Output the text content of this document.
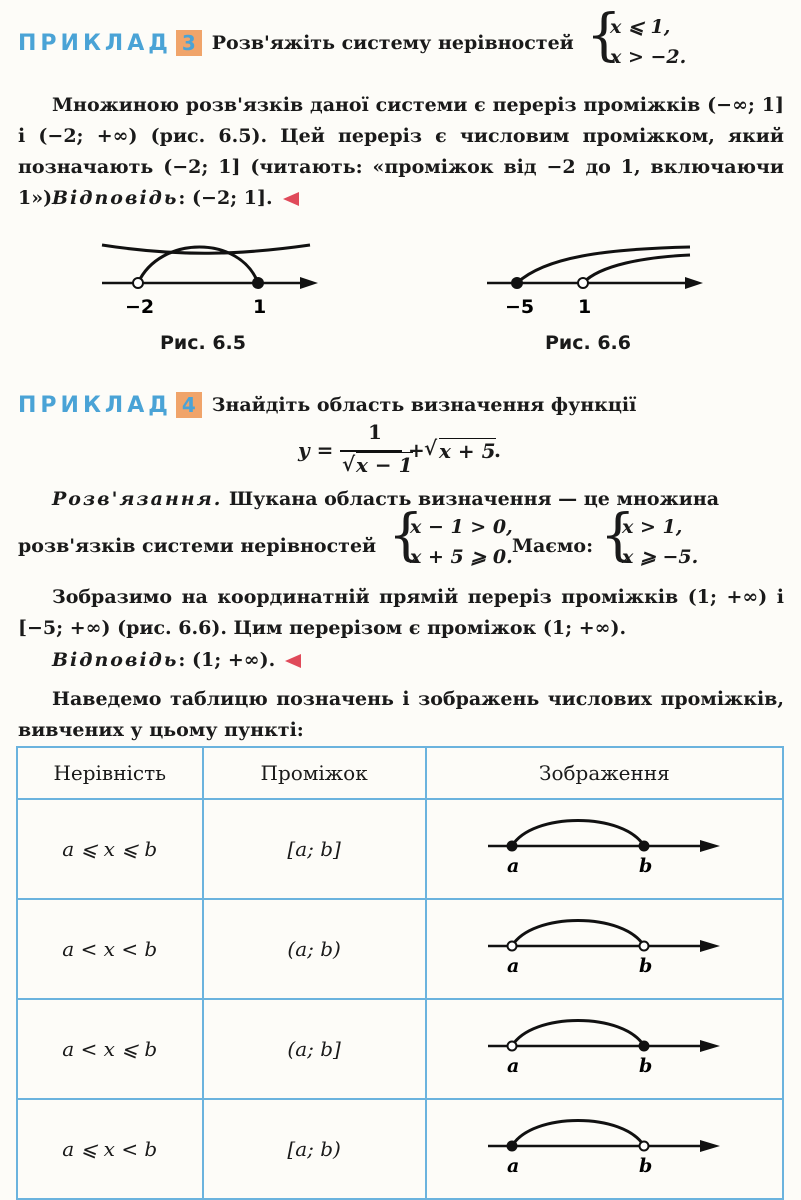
ПРИКЛАД 3 Розв'яжіть систему нерівностей {
x ⩽ 1,
x > −2.
Множиною розв'язків даної системи є переріз проміжків (−∞; 1] і (−2; +∞) (рис. 6.5). Цей переріз є числовим проміжком, який позначають (−2; 1] (читають: «проміжок від −2 до 1, включаючи 1»).
Відповідь: (−2; 1].
−2	1
Рис. 6.5
−5 1
Рис. 6.6
ПРИКЛАД 4 Знайдіть область визначення функції
y =
1
√ x − 1
+ √ x + 5
.
Розв'язання. Шукана область визначення — це множина
розв'язків системи нерівностей {
x − 1 > 0,
x + 5 ⩾ 0. Маємо: {
x > 1,
x ⩾ −5.
Зобразимо на координатній прямій переріз проміжків (1; +∞) і [−5; +∞) (рис. 6.6). Цим перерізом є проміжок (1; +∞).
Відповідь: (1; +∞).
Наведемо таблицю позначень і зображень числових проміжків, вивчених у цьому пункті:
Нерівність	Проміжок	Зображення
a ⩽ x ⩽ b	[a; b]	a b

a < x < b	(a; b)	a b

a < x ⩽ b	(a; b]	a b

a ⩽ x < b	[a; b)	a b
